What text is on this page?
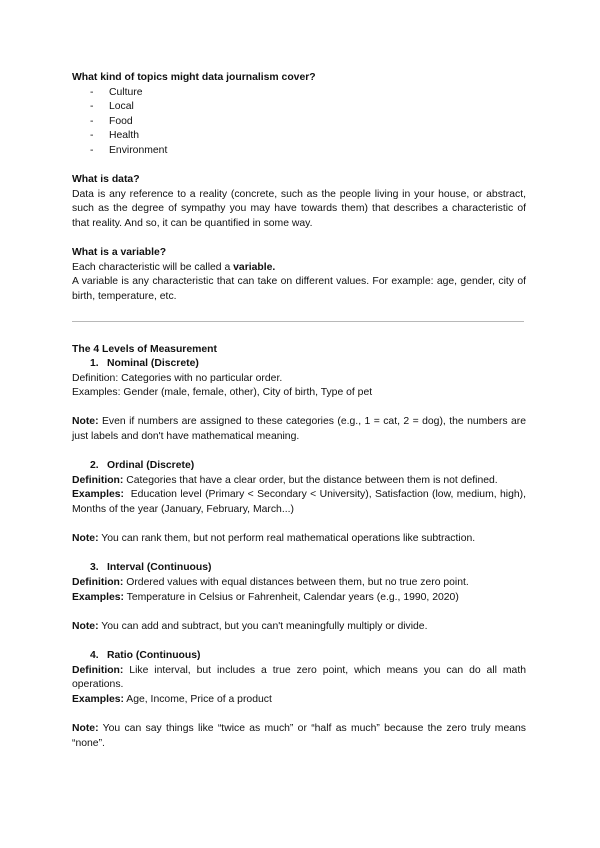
What kind of topics might data journalism cover?
- Culture
- Local
- Food
- Health
- Environment
What is data?

Data is any reference to a reality (concrete, such as the people living in your house, or abstract, such as the degree of sympathy you may have towards them) that describes a characteristic of that reality. And so, it can be quantified in some way.

What is a variable?

Each characteristic will be called a variable.

A variable is any characteristic that can take on different values. For example: age, gender, city of birth, temperature, etc.

The 4 Levels of Measurement
1. Nominal (Discrete)

Definition: Categories with no particular order.

Examples: Gender (male, female, other), City of birth, Type of pet

Note: Even if numbers are assigned to these categories (e.g., 1 = cat, 2 = dog), the numbers are just labels and don't have mathematical meaning.

2. Ordinal (Discrete)

Definition: Categories that have a clear order, but the distance between them is not defined.

Examples:  Education level (Primary < Secondary < University), Satisfaction (low, medium, high), Months of the year (January, February, March...)

Note: You can rank them, but not perform real mathematical operations like subtraction.

3. Interval (Continuous)

Definition: Ordered values with equal distances between them, but no true zero point.

Examples: Temperature in Celsius or Fahrenheit, Calendar years (e.g., 1990, 2020)

Note: You can add and subtract, but you can't meaningfully multiply or divide.

4. Ratio (Continuous)

Definition: Like interval, but includes a true zero point, which means you can do all math operations.

Examples: Age, Income, Price of a product

Note: You can say things like “twice as much” or “half as much” because the zero truly means “none”.
